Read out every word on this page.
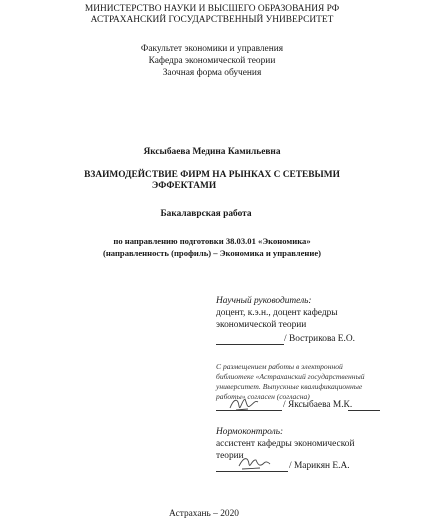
МИНИСТЕРСТВО НАУКИ И ВЫСШЕГО ОБРАЗОВАНИЯ РФ
АСТРАХАНСКИЙ ГОСУДАРСТВЕННЫЙ УНИВЕРСИТЕТ
Факультет экономики и управления
Кафедра экономической теории
Заочная форма обучения
Яксыбаева Медина Камильевна
ВЗАИМОДЕЙСТВИЕ ФИРМ НА РЫНКАХ С СЕТЕВЫМИ
ЭФФЕКТАМИ
Бакалаврская работа
по направлению подготовки 38.03.01 «Экономика»
(направленность (профиль) – Экономика и управление)
Научный руководитель:
доцент, к.э.н., доцент кафедры
экономической теории
/ Вострикова Е.О.
С размещением работы в электронной
библиотеке «Астраханский государственный
университет. Выпускные квалификационные
работы» согласен (согласна)
/ Яксыбаева М.К.
Нормоконтроль:
ассистент кафедры экономической
теории
/ Марикян Е.А.
Астрахань – 2020
